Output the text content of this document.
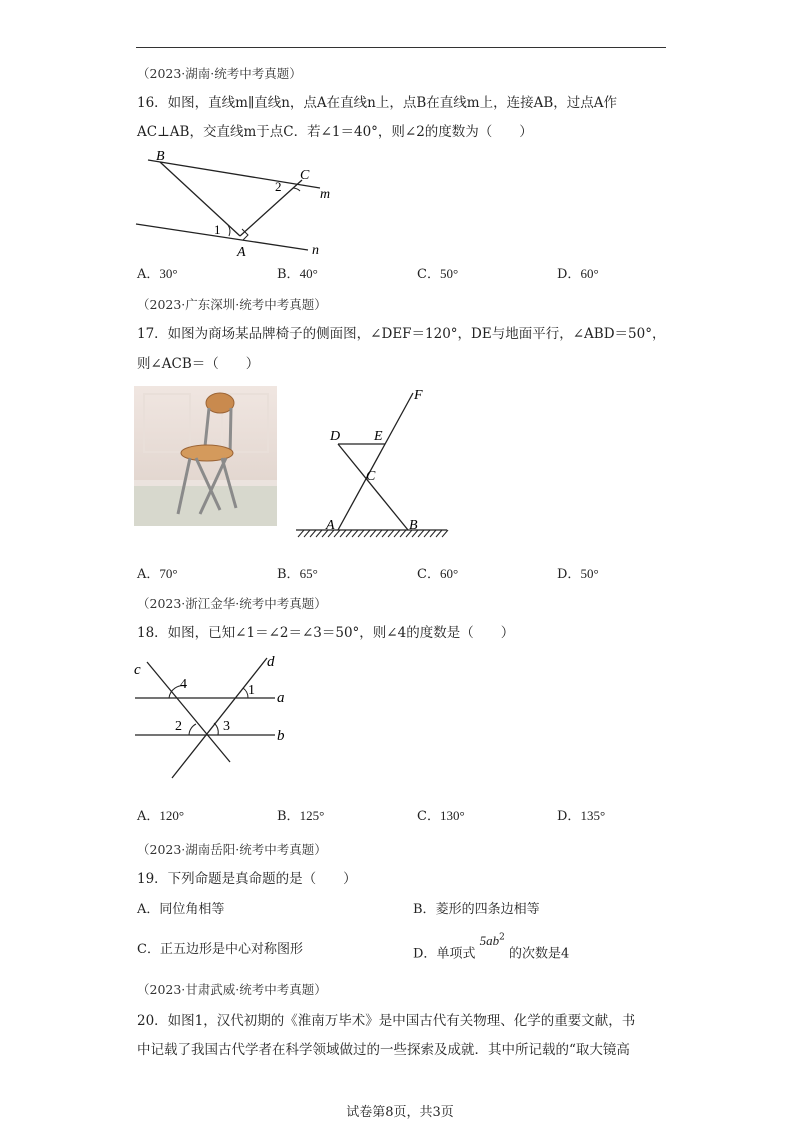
（2023·湖南·统考中考真题）
16．如图，直线m∥直线n，点A在直线n上，点B在直线m上，连接AB，过点A作
AC⊥AB，交直线m于点C．若∠1＝40°，则∠2的度数为（　　）
B
C
m
n
A
1
2
A．30°	B．40°	C．50°	D．60°
（2023·广东深圳·统考中考真题）
17．如图为商场某品牌椅子的侧面图，∠DEF＝120°，DE与地面平行，∠ABD＝50°，
则∠ACB＝（　　）
F
D E
C
A	B
A．70°	B．65°	C．60°	D．50°
（2023·浙江金华·统考中考真题）
18．如图，已知∠1＝∠2＝∠3＝50°，则∠4的度数是（　　）
c	d
a
b
1
2	3
4
A．120°	B．125°	C．130°	D．135°
（2023·湖南岳阳·统考中考真题）
19．下列命题是真命题的是（　　）
A．同位角相等	B．菱形的四条边相等
C．正五边形是中心对称图形	D．单项式 $5ab^2$ 的次数是4
（2023·甘肃武威·统考中考真题）
20．如图1，汉代初期的《淮南万毕术》是中国古代有关物理、化学的重要文献，书
中记载了我国古代学者在科学领域做过的一些探索及成就．其中所记载的“取大镜高
试卷第8页，共3页
